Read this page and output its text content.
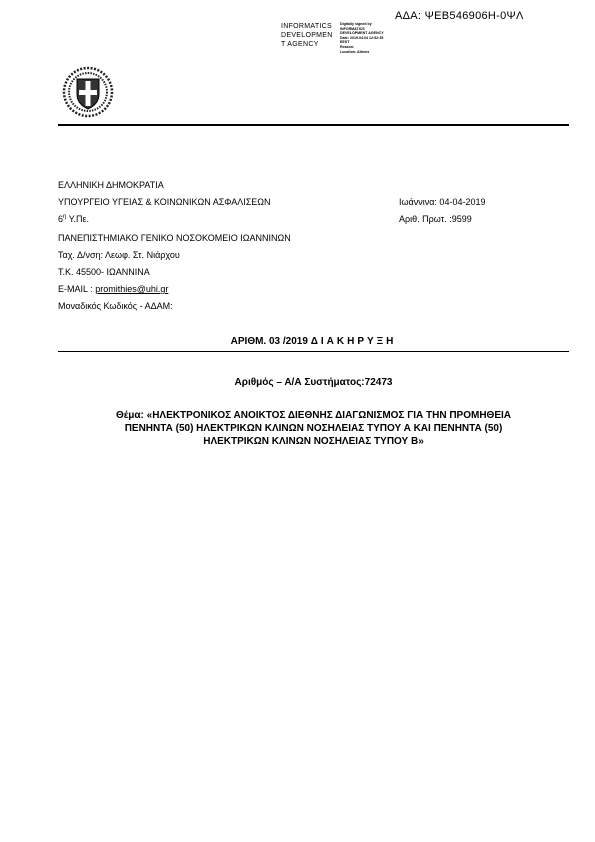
ΑΔΑ: ΨΕΒ546906Η-0ΨΛ
INFORMATICS
DEVELOPMEN
T AGENCY
Digitally signed by
INFORMATICS
DEVELOPMENT AGENCY
Date: 2019.04.04 12:52:35
EEST
Reason:
Location: Athens
ΕΛΛΗΝΙΚΗ ΔΗΜΟΚΡΑΤΙΑ
ΥΠΟΥΡΓΕΙΟ ΥΓΕΙΑΣ & ΚΟΙΝΩΝΙΚΩΝ ΑΣΦΑΛΙΣΕΩΝ
$6^\eta$ Υ.Πε.
ΠΑΝΕΠΙΣΤΗΜΙΑΚΟ ΓΕΝΙΚΟ ΝΟΣΟΚΟΜΕΙΟ ΙΩΑΝΝΙΝΩΝ
Ταχ. Δ/νση: Λεωφ. Στ. Νιάρχου
Τ.Κ. 45500- ΙΩΑΝΝΙΝΑ
E-MAIL : promithies@uhi.gr
Μοναδικός Κωδικός - ΑΔΑΜ:
Ιωάννινα: 04-04-2019
Αριθ. Πρωτ. :9599
ΑΡΙΘΜ. 03 /2019 ΔΙΑΚΗΡΥΞΗ
Αριθμός – Α/Α Συστήματος:72473
Θέμα: «ΗΛΕΚΤΡΟΝΙΚΟΣ ΑΝΟΙΚΤΟΣ ΔΙΕΘΝΗΣ ΔΙΑΓΩΝΙΣΜΟΣ ΓΙΑ ΤΗΝ ΠΡΟΜΗΘΕΙΑ
ΠΕΝΗΝΤΑ (50) ΗΛΕΚΤΡΙΚΩΝ ΚΛΙΝΩΝ ΝΟΣΗΛΕΙΑΣ ΤΥΠΟΥ Α ΚΑΙ ΠΕΝΗΝΤΑ (50)
ΗΛΕΚΤΡΙΚΩΝ ΚΛΙΝΩΝ ΝΟΣΗΛΕΙΑΣ ΤΥΠΟΥ Β»
